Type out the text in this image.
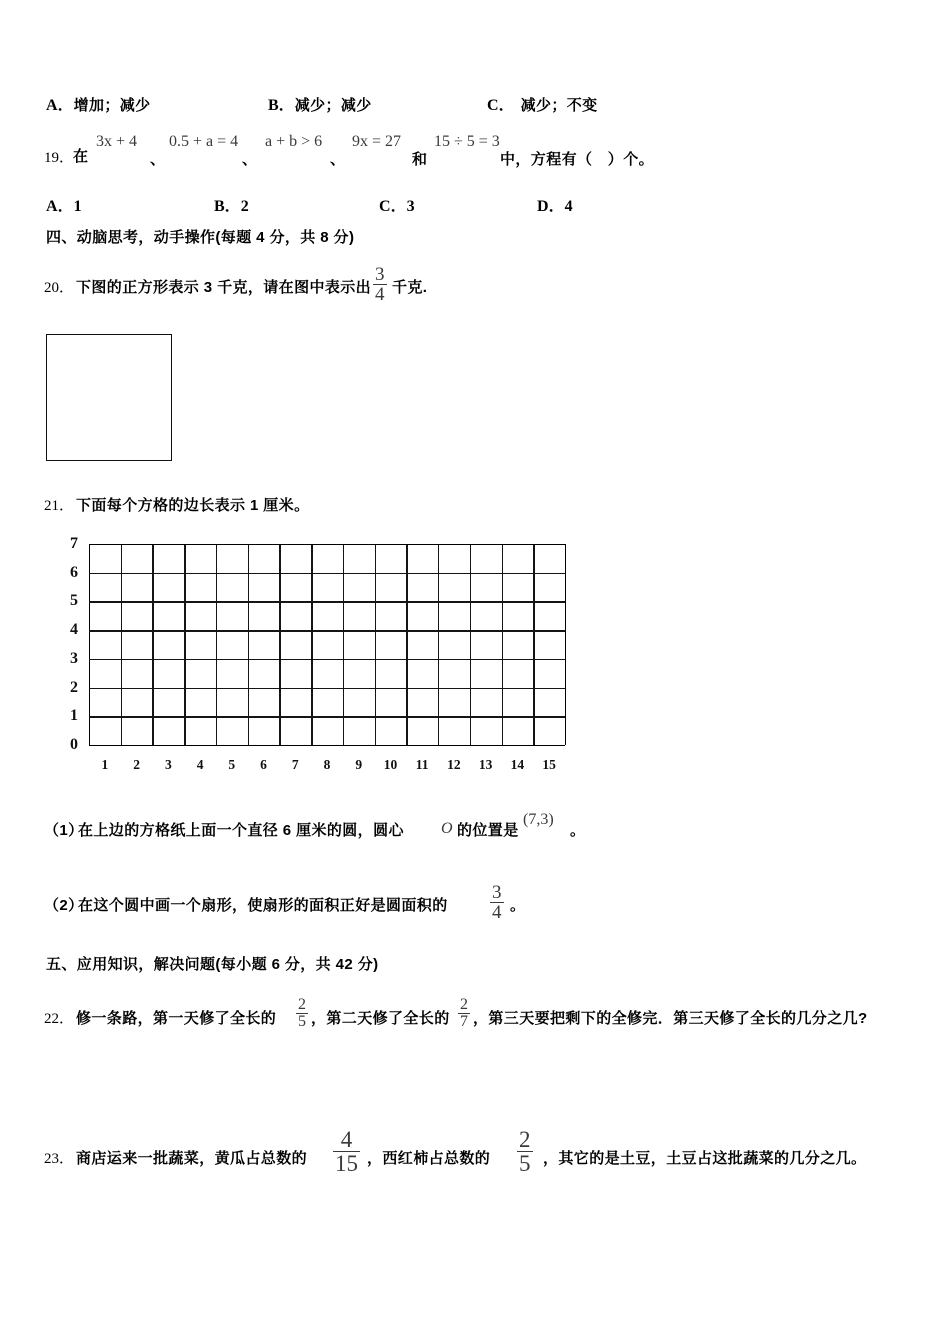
A．增加；减少	B．减少；减少	C． 减少；不变
19．
在
3x + 4
、
0.5 + a = 4
、
a + b > 6
、
9x = 27
和
15 ÷ 5 = 3
中，方程有（　）个。
A．1	B．2	C．3	D．4
四、动脑思考，动手操作(每题 4 分，共 8 分)
20． 下图的正方形表示 3 千克，请在图中表示出 $\frac{3}{4}$ 千克.
21． 下面每个方格的边长表示 1 厘米。
7
6
5
4
3
2
1
0
1	2	3	4	5	6	7	8	9	10	11	12	13	14	15
（1）
在上边的方格纸上面一个直径 6 厘米的圆，圆心 O 的位置是
(7,3)
。
（2）
在这个圆中画一个扇形，使扇形的面积正好是圆面积的 $\frac{3}{4}$ 。
五、应用知识，解决问题(每小题 6 分，共 42 分)
22． 修一条路，第一天修了全长的 $\frac{2}{5}$ ，第二天修了全长的 $\frac{2}{7}$ ，第三天要把剩下的全修完．第三天修了全长的几分之几?
23． 商店运来一批蔬菜，黄瓜占总数的 $\frac{4}{15}$ ，西红柿占总数的 $\frac{2}{5}$ ，其它的是土豆，土豆占这批蔬菜的几分之几。
